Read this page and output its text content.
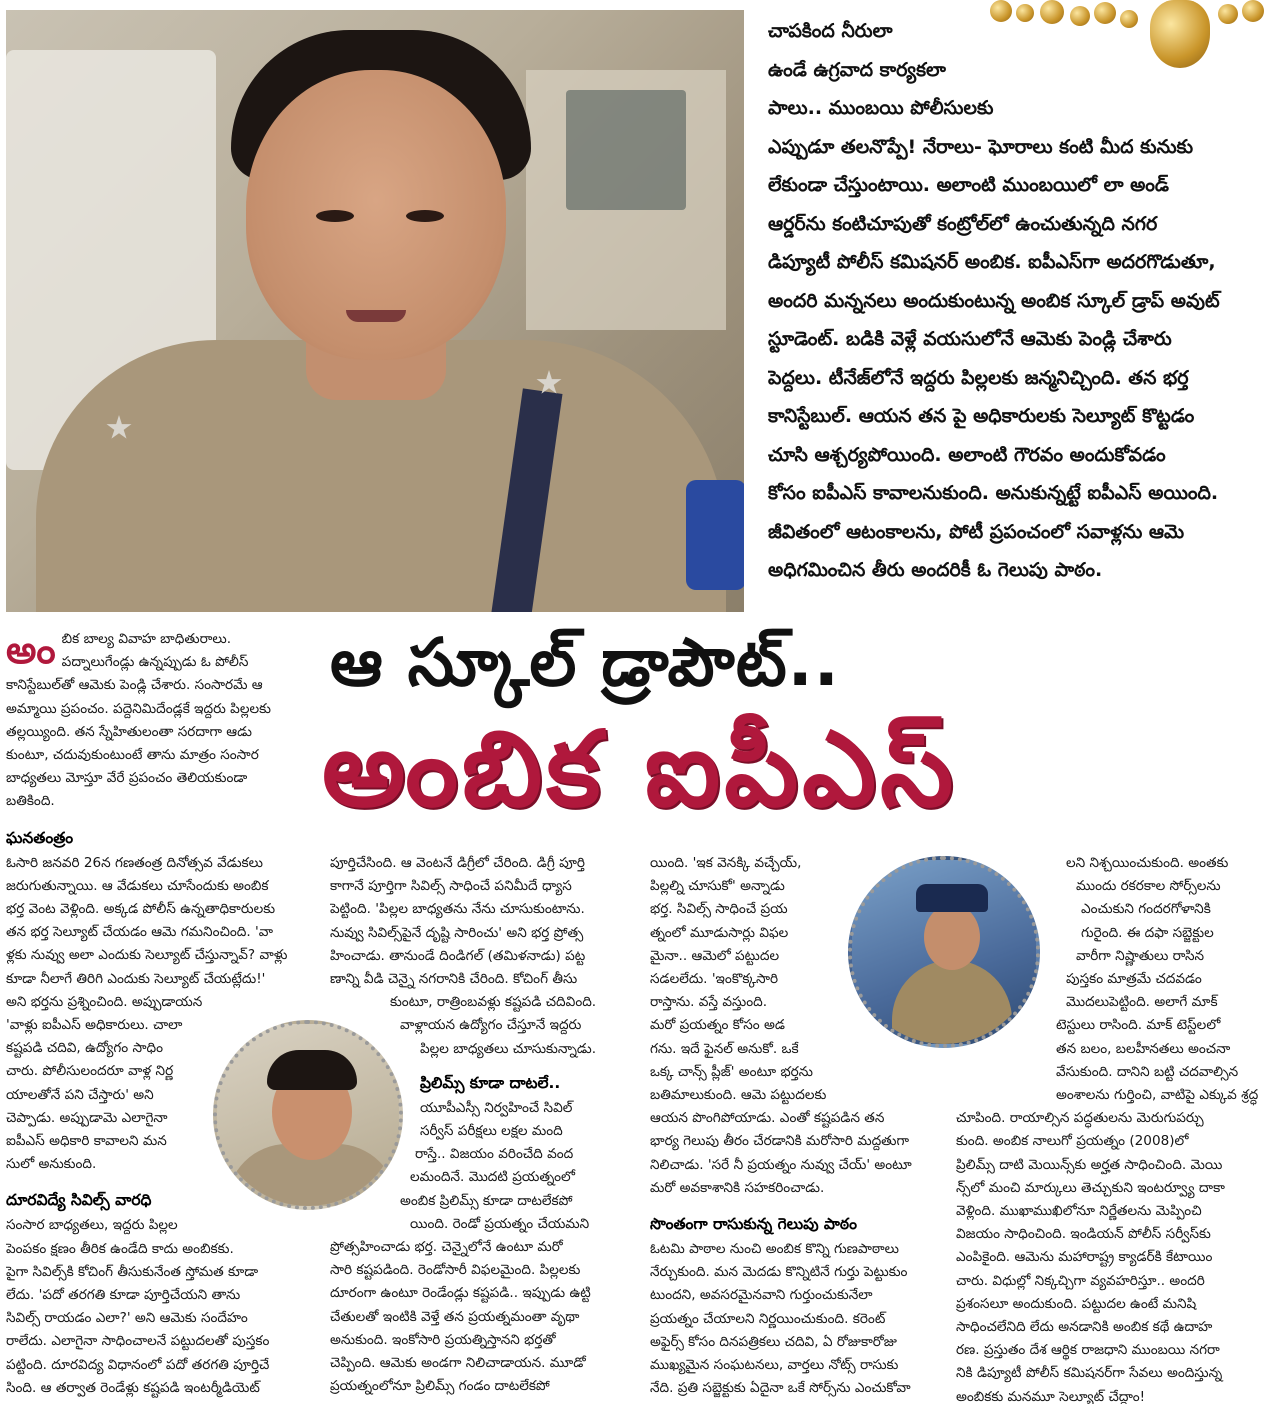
చాపకింద నీరులా
ఉండే ఉగ్రవాద కార్యకలా
పాలు.. ముంబయి పోలీసులకు
ఎప్పుడూ తలనొప్పే! నేరాలు- ఘోరాలు కంటి మీద కునుకు
లేకుండా చేస్తుంటాయి. అలాంటి ముంబయిలో లా అండ్
ఆర్డర్‌ను కంటిచూపుతో కంట్రోల్‌లో ఉంచుతున్నది నగర
డిప్యూటీ పోలీస్ కమిషనర్ అంబిక. ఐపీఎస్‌గా అదరగొడుతూ,
అందరి మన్ననలు అందుకుంటున్న అంబిక స్కూల్ డ్రాప్ అవుట్
స్టూడెంట్. బడికి వెళ్లే వయసులోనే ఆమెకు పెండ్లి చేశారు
పెద్దలు. టీనేజ్‌లోనే ఇద్దరు పిల్లలకు జన్మనిచ్చింది. తన భర్త
కానిస్టేబుల్. ఆయన తన పై అధికారులకు సెల్యూట్ కొట్టడం
చూసి ఆశ్చర్యపోయింది. అలాంటి గౌరవం అందుకోవడం
కోసం ఐపీఎస్ కావాలనుకుంది. అనుకున్నట్టే ఐపీఎస్ అయింది.
జీవితంలో ఆటంకాలను, పోటీ ప్రపంచంలో సవాళ్లను ఆమె
అధిగమించిన తీరు అందరికీ ఓ గెలుపు పాఠం.
ఆ స్కూల్ డ్రాపౌట్..
అంబిక ఐపీఎస్
అం బిక బాల్య వివాహ బాధితురాలు.

పద్నాలుగేండ్లు ఉన్నప్పుడు ఓ పోలీస్

కానిస్టేబుల్‌తో ఆమెకు పెండ్లి చేశారు. సంసారమే ఆ

అమ్మాయి ప్రపంచం. పద్దెనిమిదేండ్లకే ఇద్దరు పిల్లలకు

తల్లయ్యింది. తన స్నేహితులంతా సరదాగా ఆడు

కుంటూ, చదువుకుంటుంటే తాను మాత్రం సంసార

బాధ్యతలు మోస్తూ వేరే ప్రపంచం తెలియకుండా

బతికింది.

ఘనతంత్రం

ఓసారి జనవరి 26న గణతంత్ర దినోత్సవ వేడుకలు

జరుగుతున్నాయి. ఆ వేడుకలు చూసేందుకు అంబిక

భర్త వెంట వెళ్లింది. అక్కడ పోలీస్ ఉన్నతాధికారులకు

తన భర్త సెల్యూట్ చేయడం ఆమె గమనించింది. 'వా

ళ్లకు నువ్వు అలా ఎందుకు సెల్యూట్ చేస్తున్నావ్? వాళ్లు

కూడా నీలాగే తిరిగి ఎందుకు సెల్యూట్ చేయట్లేదు!'

అని భర్తను ప్రశ్నించింది. అప్పుడాయన

'వాళ్లు ఐపీఎస్ అధికారులు. చాలా

కష్టపడి చదివి, ఉద్యోగం సాధిం

చారు. పోలీసులందరూ వాళ్ల నిర్ణ

యాలతోనే పని చేస్తారు' అని

చెప్పాడు. అప్పుడామె ఎలాగైనా

ఐపీఎస్ అధికారి కావాలని మన

సులో అనుకుంది.

దూరవిద్యే సివిల్స్ వారధి

సంసార బాధ్యతలు, ఇద్దరు పిల్లల

పెంపకం క్షణం తీరిక ఉండేది కాదు అంబికకు.

పైగా సివిల్స్‌కి కోచింగ్ తీసుకునేంత స్తోమత కూడా

లేదు. 'పదో తరగతి కూడా పూర్తిచేయని తాను

సివిల్స్ రాయడం ఎలా?' అని ఆమెకు సందేహం

రాలేదు. ఎలాగైనా సాధించాలనే పట్టుదలతో పుస్తకం

పట్టింది. దూరవిద్య విధానంలో పదో తరగతి పూర్తిచే

సింది. ఆ తర్వాత రెండేళ్లు కష్టపడి ఇంటర్మీడియెట్

పూర్తిచేసింది. ఆ వెంటనే డిగ్రీలో చేరింది. డిగ్రీ పూర్తి

కాగానే పూర్తిగా సివిల్స్ సాధించే పనిమీదే ధ్యాస

పెట్టింది. 'పిల్లల బాధ్యతను నేను చూసుకుంటాను.

నువ్వు సివిల్స్‌పైనే దృష్టి సారించు' అని భర్త ప్రోత్స

హించాడు. తానుండే దిండిగల్ (తమిళనాడు) పట్ట

ణాన్ని వీడి చెన్నై నగరానికి చేరింది. కోచింగ్ తీసు

కుంటూ, రాత్రింబవళ్లు కష్టపడి చదివింది.

వాళ్లాయన ఉద్యోగం చేస్తూనే ఇద్దరు

పిల్లల బాధ్యతలు చూసుకున్నాడు.

ప్రిలిమ్స్ కూడా దాటలే..

యూపీఎస్సీ నిర్వహించే సివిల్

సర్వీస్ పరీక్షలు లక్షల మంది

రాస్తే.. విజయం వరించేది వంద

లమందినే. మొదటి ప్రయత్నంలో

అంబిక ప్రిలిమ్స్ కూడా దాటలేకపో

యింది. రెండో ప్రయత్నం చేయమని

ప్రోత్సహించాడు భర్త. చెన్నైలోనే ఉంటూ మరో

సారి కష్టపడింది. రెండోసారీ విఫలమైంది. పిల్లలకు

దూరంగా ఉంటూ రెండేండ్లు కష్టపడి.. ఇప్పుడు ఉట్టి

చేతులతో ఇంటికి వెళ్తే తన ప్రయత్నమంతా వృథా

అనుకుంది. ఇంకోసారి ప్రయత్నిస్తానని భర్తతో

చెప్పింది. ఆమెకు అండగా నిలిచాడాయన. మూడో

ప్రయత్నంలోనూ ప్రిలిమ్స్ గండం దాటలేకపో

యింది. 'ఇక వెనక్కి వచ్చేయ్,

పిల్లల్ని చూసుకో' అన్నాడు

భర్త. సివిల్స్ సాధించే ప్రయ

త్నంలో మూడుసార్లు విఫల

మైనా.. ఆమెలో పట్టుదల

సడలలేదు. 'ఇంకొక్కసారి

రాస్తాను. వస్తే వస్తుంది.

మరో ప్రయత్నం కోసం అడ

గను. ఇదే ఫైనల్ అనుకో. ఒకే

ఒక్క చాన్స్ ప్లీజ్' అంటూ భర్తను

బతిమాలుకుంది. ఆమె పట్టుదలకు

ఆయన పొంగిపోయాడు. ఎంతో కష్టపడిన తన

భార్య గెలుపు తీరం చేరడానికి మరోసారి మద్దతుగా

నిలిచాడు. 'సరే నీ ప్రయత్నం నువ్వు చేయ్' అంటూ

మరో అవకాశానికి సహకరించాడు.

సొంతంగా రాసుకున్న గెలుపు పాఠం

ఓటమి పాఠాల నుంచి అంబిక కొన్ని గుణపాఠాలు

నేర్చుకుంది. మన మెదడు కొన్నిటినే గుర్తు పెట్టుకుం

టుందని, అవసరమైనవాని గుర్తుంచుకునేలా

ప్రయత్నం చేయాలని నిర్ణయించుకుంది. కరెంట్

అఫైర్స్ కోసం దినపత్రికలు చదివి, ఏ రోజుకారోజు

ముఖ్యమైన సంఘటనలు, వార్తలు నోట్స్ రాసుకు

నేది. ప్రతి సబ్జెక్టుకు ఏదైనా ఒకే సోర్స్‌ను ఎంచుకోవా

లని నిశ్చయించుకుంది. అంతకు

ముందు రకరకాల సోర్స్‌లను

ఎంచుకుని గందరగోళానికి

గురైంది. ఈ దఫా సబ్జెక్టుల

వారీగా నిష్ణాతులు రాసిన

పుస్తకం మాత్రమే చదవడం

మొదలుపెట్టింది. అలాగే మాక్

టెస్టులు రాసింది. మాక్ టెస్ట్‌లలో

తన బలం, బలహీనతలు అంచనా

వేసుకుంది. దానిని బట్టి చదవాల్సిన

అంశాలను గుర్తించి, వాటిపై ఎక్కువ శ్రద్ధ

చూపింది. రాయాల్సిన పద్ధతులను మెరుగుపర్చు

కుంది. అంబిక నాలుగో ప్రయత్నం (2008)లో

ప్రిలిమ్స్ దాటి మెయిన్స్‌కు అర్హత సాధించింది. మెయి

న్స్‌లో మంచి మార్కులు తెచ్చుకుని ఇంటర్వ్యూ దాకా

వెళ్లింది. ముఖాముఖిలోనూ నిర్ణేతలను మెప్పించి

విజయం సాధించింది. ఇండియన్ పోలీస్ సర్వీస్‌కు

ఎంపికైంది. ఆమెను మహారాష్ట్ర క్యాడర్‌కి కేటాయిం

చారు. విధుల్లో నిక్కచ్చిగా వ్యవహరిస్తూ.. అందరి

ప్రశంసలూ అందుకుంది. పట్టుదల ఉంటే మనిషి

సాధించలేనిది లేదు అనడానికి అంబిక కథే ఉదాహ

రణ. ప్రస్తుతం దేశ ఆర్థిక రాజధాని ముంబయి నగరా

నికి డిప్యూటీ పోలీస్ కమిషనర్‌గా సేవలు అందిస్తున్న

అంబికకు మనమూ సెల్యూట్ చేద్దాం!
